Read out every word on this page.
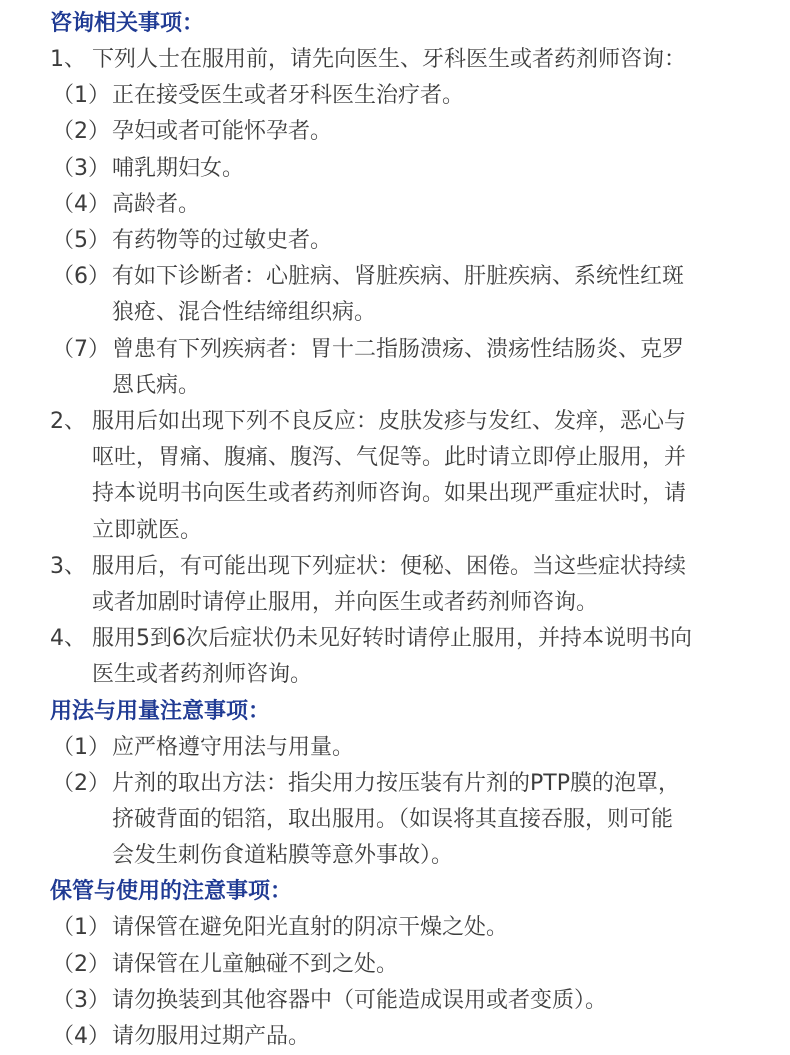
咨询相关事项：
1、 下列人士在服用前，请先向医生、牙科医生或者药剂师咨询：
（1） 正在接受医生或者牙科医生治疗者。
（2） 孕妇或者可能怀孕者。
（3） 哺乳期妇女。
（4） 高龄者。
（5） 有药物等的过敏史者。
（6） 有如下诊断者：心脏病、肾脏疾病、肝脏疾病、系统性红斑
狼疮、混合性结缔组织病。
（7） 曾患有下列疾病者：胃十二指肠溃疡、溃疡性结肠炎、克罗
恩氏病。
2、 服用后如出现下列不良反应：皮肤发疹与发红、发痒，恶心与
呕吐，胃痛、腹痛、腹泻、气促等。此时请立即停止服用，并
持本说明书向医生或者药剂师咨询。如果出现严重症状时，请
立即就医。
3、 服用后，有可能出现下列症状：便秘、困倦。当这些症状持续
或者加剧时请停止服用，并向医生或者药剂师咨询。
4、 服用5到6次后症状仍未见好转时请停止服用，并持本说明书向
医生或者药剂师咨询。
用法与用量注意事项：
（1） 应严格遵守用法与用量。
（2） 片剂的取出方法：指尖用力按压装有片剂的PTP膜的泡罩，
挤破背面的铝箔，取出服用。（如误将其直接吞服，则可能
会发生刺伤食道粘膜等意外事故）。
保管与使用的注意事项：
（1） 请保管在避免阳光直射的阴凉干燥之处。
（2） 请保管在儿童触碰不到之处。
（3） 请勿换装到其他容器中（可能造成误用或者变质）。
（4） 请勿服用过期产品。
